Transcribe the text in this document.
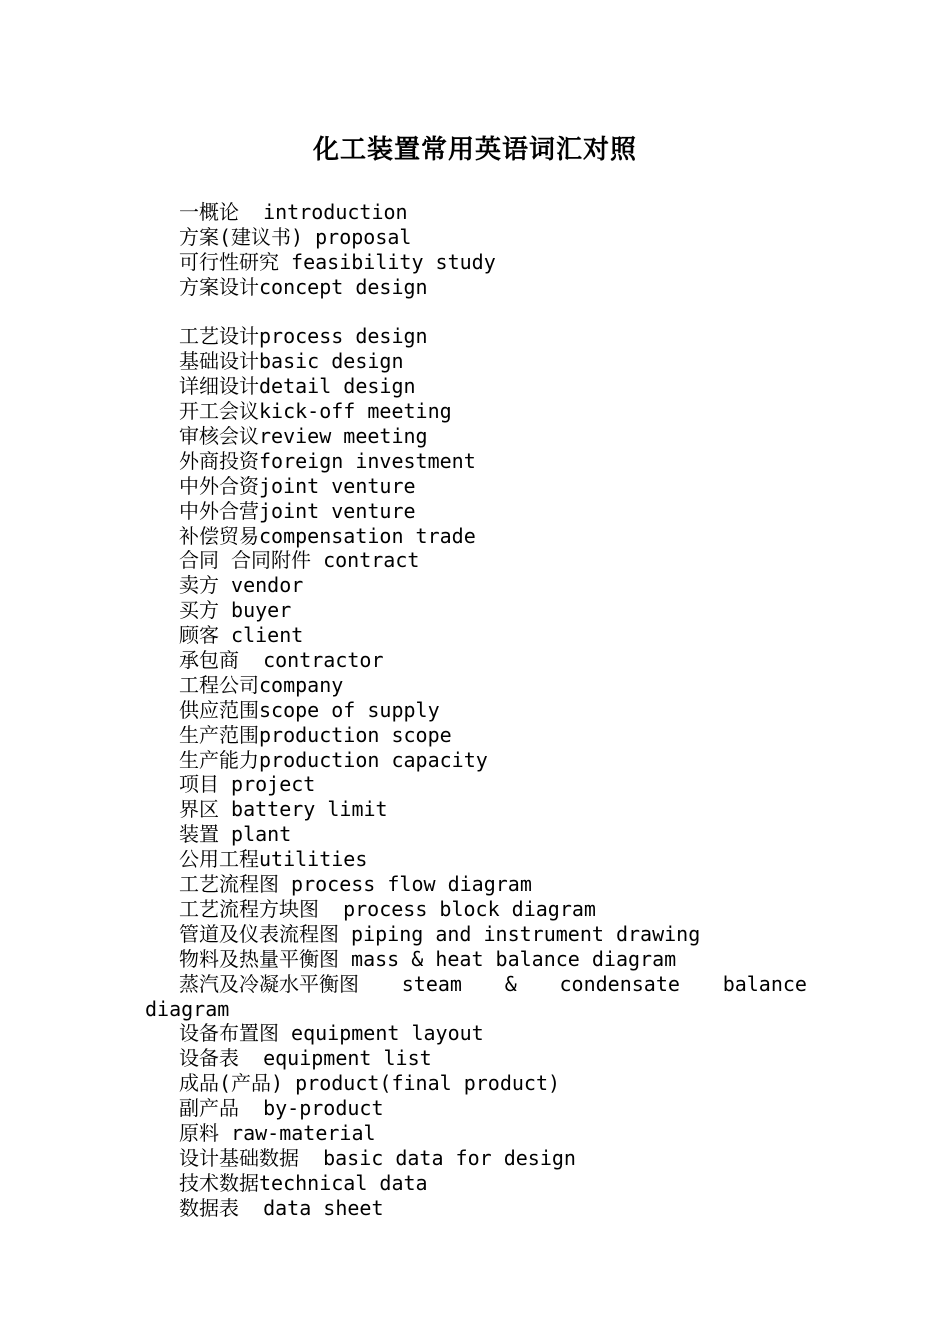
化工装置常用英语词汇对照
一概论  introduction
方案(建议书) proposal
可行性研究 feasibility study
方案设计concept design
工艺设计process design
基础设计basic design
详细设计detail design
开工会议kick-off meeting
审核会议review meeting
外商投资foreign investment
中外合资joint venture
中外合营joint venture
补偿贸易compensation trade
合同 合同附件 contract
卖方 vendor
买方 buyer
顾客 client
承包商  contractor
工程公司company
供应范围scope of supply
生产范围production scope
生产能力production capacity
项目 project
界区 battery limit
装置 plant
公用工程utilities
工艺流程图 process flow diagram
工艺流程方块图  process block diagram
管道及仪表流程图 piping and instrument drawing
物料及热量平衡图 mass & heat balance diagram
蒸汽及冷凝水平衡图 steam & condensate balance
diagram
设备布置图 equipment layout
设备表  equipment list
成品(产品) product(final product)
副产品  by-product
原料 raw-material
设计基础数据  basic data for design
技术数据technical data
数据表  data sheet
